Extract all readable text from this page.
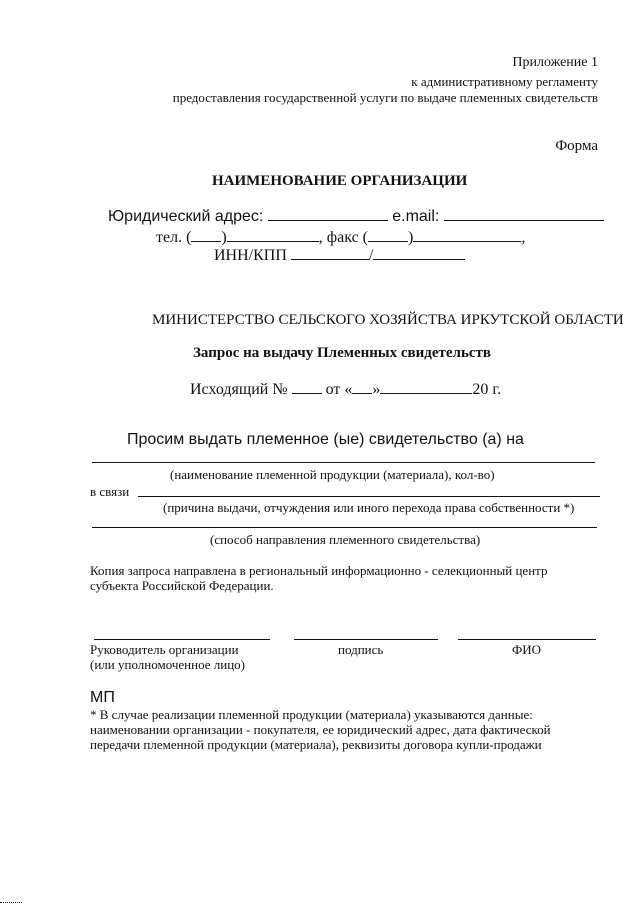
Приложение 1
к административному регламенту
предоставления государственной услуги по выдаче племенных свидетельств
Форма
НАИМЕНОВАНИЕ ОРГАНИЗАЦИИ
Юридический адрес:	e.mail:
тел. ( )	, факс (	)	,
ИНН/КПП	/
МИНИСТЕРСТВО СЕЛЬСКОГО ХОЗЯЙСТВА ИРКУТСКОЙ ОБЛАСТИ
Запрос на выдачу Племенных свидетельств
Исходящий № от « »	20 г.
Просим выдать племенное (ые) свидетельство (а) на
(наименование племенной продукции (материала), кол-во)
в связи
(причина выдачи, отчуждения или иного перехода права собственности *)
(способ направления племенного свидетельства)
Копия запроса направлена в региональный информационно - селекционный центр
субъекта Российской Федерации.
Руководитель организации
(или уполномоченное лицо)
подпись	ФИО
МП
* В случае реализации племенной продукции (материала) указываются данные:
наименовании организации - покупателя, ее юридический адрес, дата фактической
передачи племенной продукции (материала), реквизиты договора купли-продажи
